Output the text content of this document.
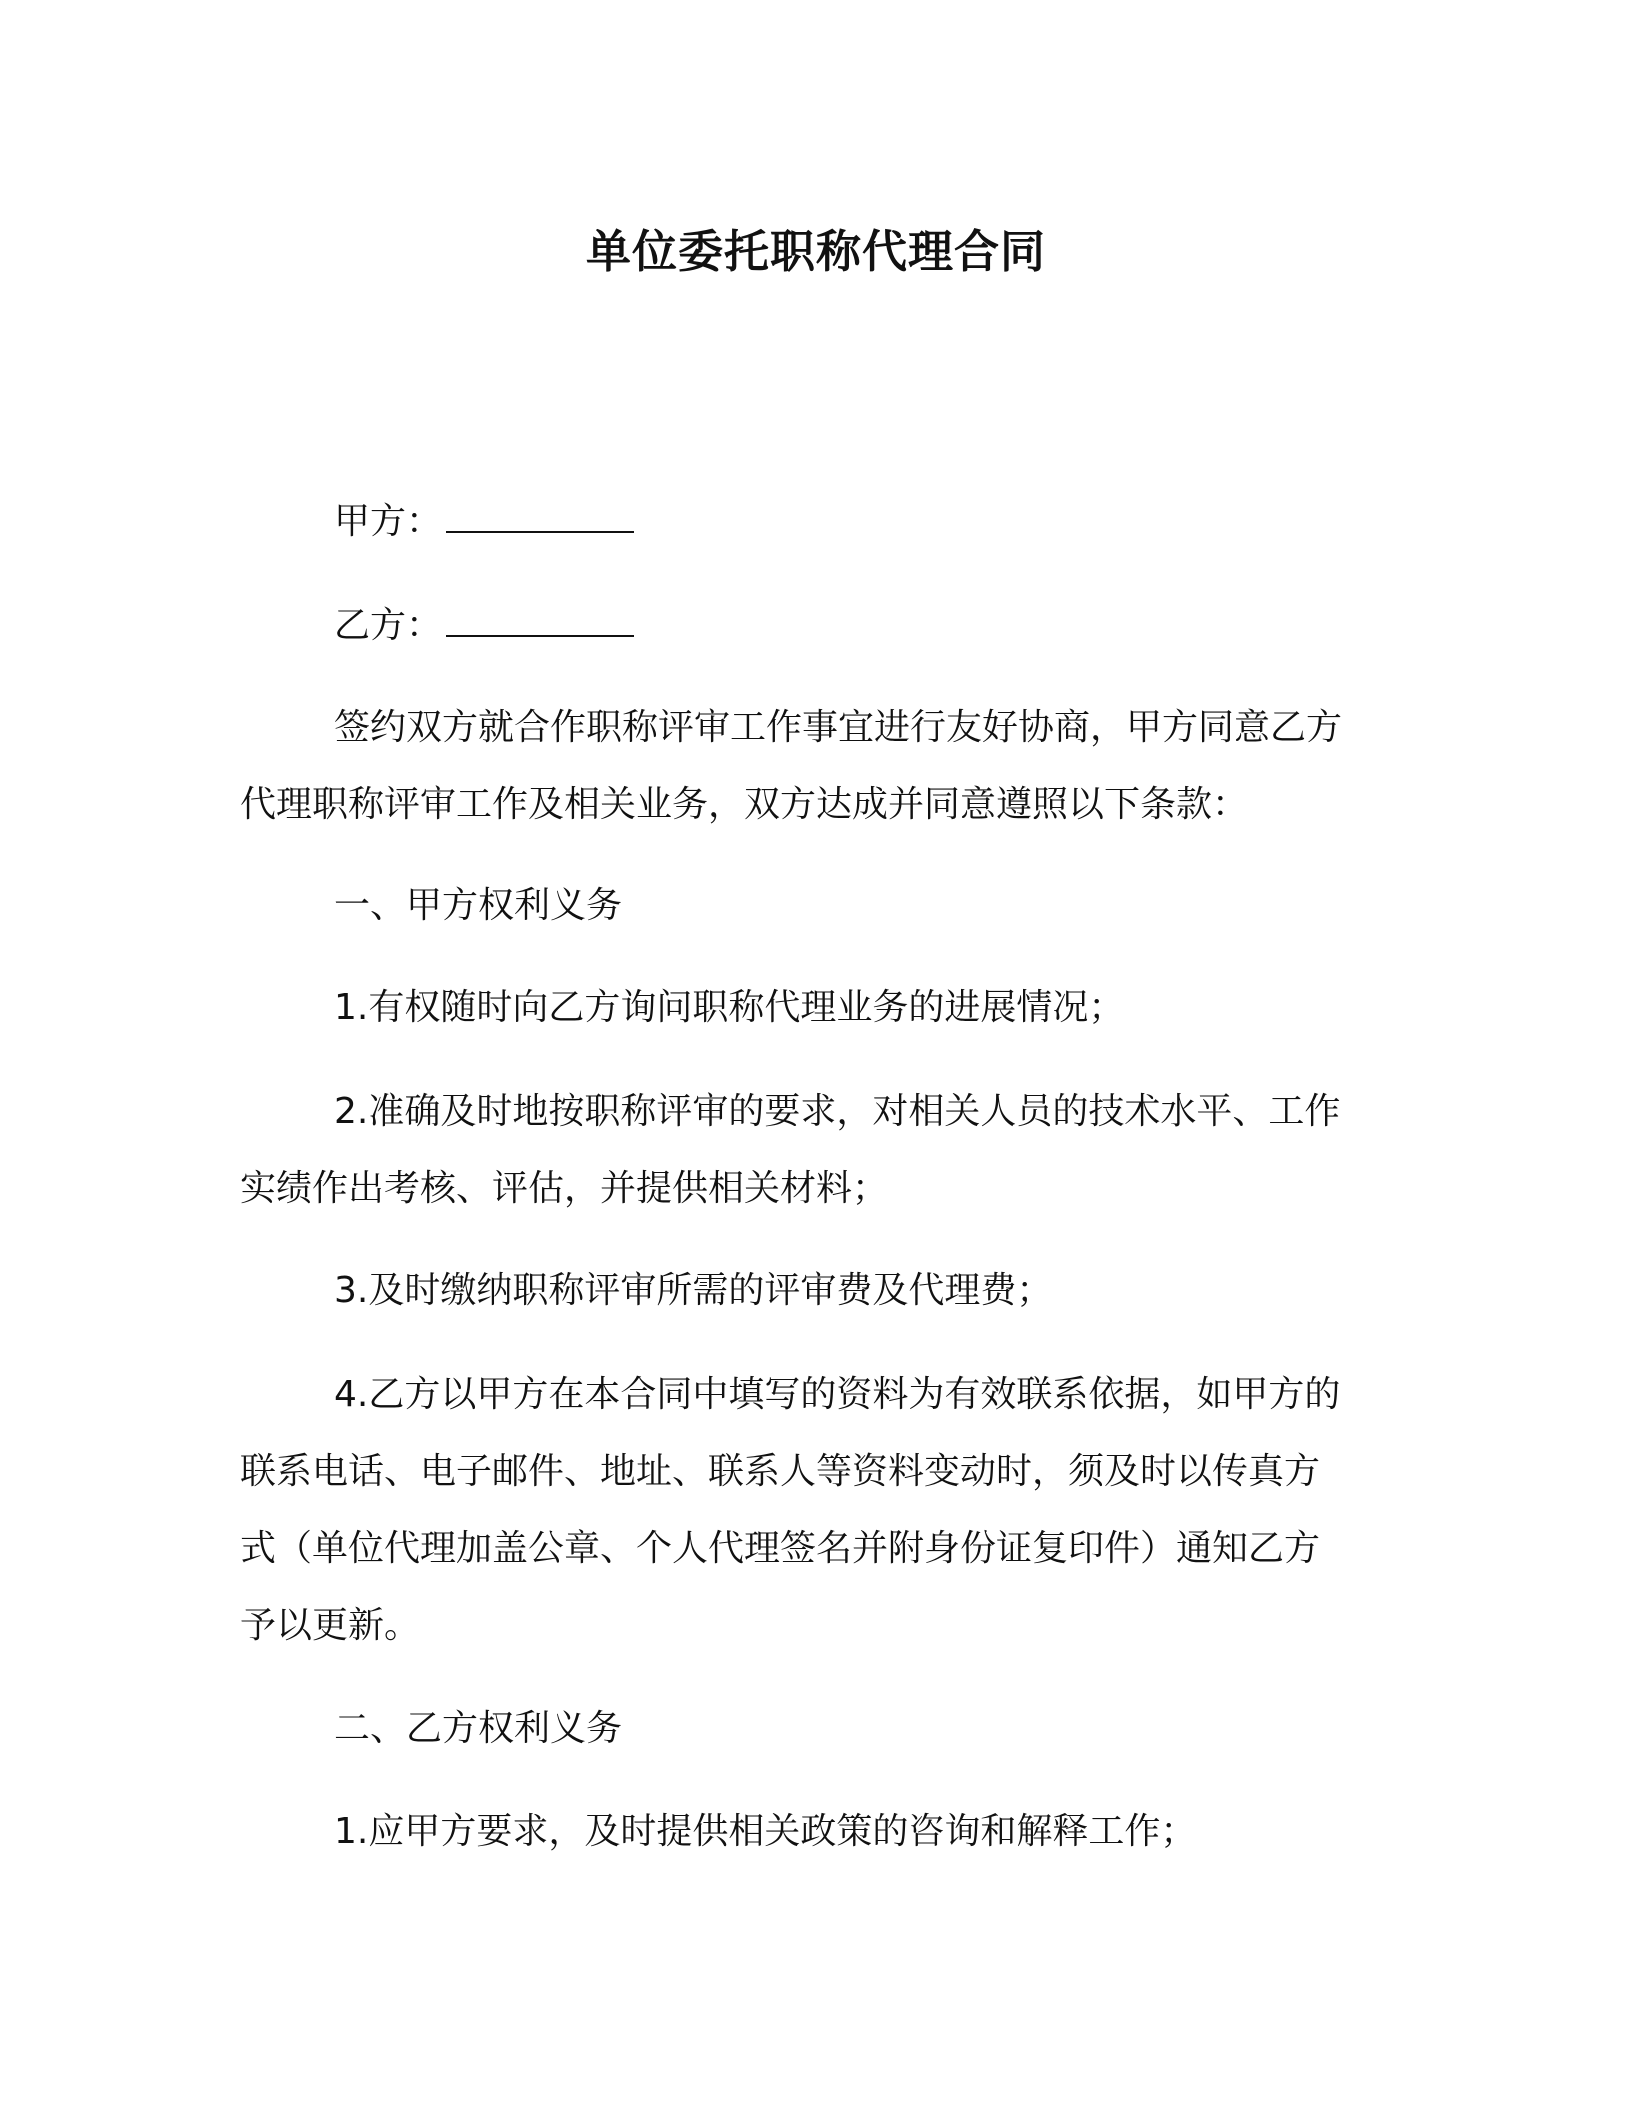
单位委托职称代理合同
甲方：
乙方：
签约双方就合作职称评审工作事宜进行友好协商，甲方同意乙方
代理职称评审工作及相关业务，双方达成并同意遵照以下条款：
一、甲方权利义务
1.有权随时向乙方询问职称代理业务的进展情况；
2.准确及时地按职称评审的要求，对相关人员的技术水平、工作
实绩作出考核、评估，并提供相关材料；
3.及时缴纳职称评审所需的评审费及代理费；
4.乙方以甲方在本合同中填写的资料为有效联系依据，如甲方的
联系电话、电子邮件、地址、联系人等资料变动时，须及时以传真方
式（单位代理加盖公章、个人代理签名并附身份证复印件）通知乙方
予以更新。
二、乙方权利义务
1.应甲方要求，及时提供相关政策的咨询和解释工作；
